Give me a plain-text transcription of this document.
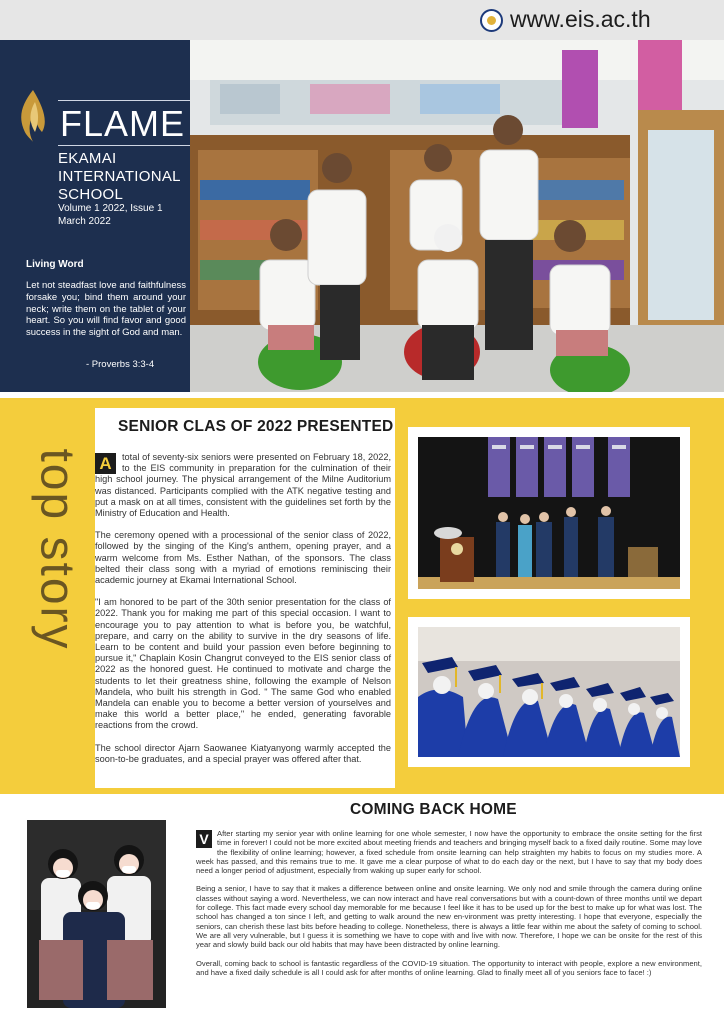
www.eis.ac.th
FLAME
EKAMAI
INTERNATIONAL
SCHOOL
Volume 1 2022, Issue 1
March 2022
Living Word
Let not steadfast love and faithfulness forsake you; bind them around your neck; write them on the tablet of your heart. So you will find favor and good success in the sight of God and man.
- Proverbs 3:3-4
top story
SENIOR CLAS OF 2022 PRESENTED

A	total of seventy-six seniors were presented on February 18, 2022, to the EIS community in preparation for the culmination of their high school journey. The physical arrangement of the Milne Auditorium was distanced. Participants complied with the ATK negative testing and put a mask on at all times, consistent with the guidelines set forth by the Ministry of Education and Health.

The ceremony opened with a processional of the senior class of 2022, followed by the singing of the King's anthem, opening prayer, and a warm welcome from Ms. Esther Nathan, of the sponsors. The class belted their class song with a myriad of emotions reminiscing their academic journey at Ekamai International School.

"I am honored to be part of the 30th senior presentation for the class of 2022. Thank you for making me part of this special occasion. I want to encourage you to pay attention to what is before you, be watchful, prepare, and carry on the ability to survive in the dry seasons of life. Learn to be content and build your passion even before beginning to pursue it," Chaplain Kosin Changrut conveyed to the EIS senior class of 2022 as the honored guest. He continued to motivate and charge the students to let their greatness shine, following the example of Nelson Mandela, who built his strength in God. " The same God who enabled Mandela can enable you to become a better version of yourselves and make this world a better place," he ended, generating favorable reactions from the crowd.

The school director Ajarn Saowanee Kiatyanyong warmly accepted the soon-to-be graduates, and a special prayer was offered after that.

COMING BACK HOME

V	After starting my senior year with online learning for one whole semester, I now have the opportunity to embrace the onsite setting for the first time in forever! I could not be more excited about meeting friends and teachers and bringing myself back to a fixed daily routine. Some may love the flexibility of online learning; however, a fixed schedule from onsite learning can help straighten my habits to focus on my studies more. A week has passed, and this remains true to me. It gave me a clear purpose of what to do each day or the next, but I have to say that my body does need a longer period of adjustment, especially from waking up super early for school.

Being a senior, I have to say that it makes a difference between online and onsite learning. We only nod and smile through the camera during online classes without saying a word. Nevertheless, we can now interact and have real conversations but with a count-down of three months until we depart for college. This fact made every school day memorable for me because I feel like it has to be used up for the best to make up for what was lost. The school has changed a ton since I left, and getting to walk around the new en-vironment was pretty interesting. I hope that everyone, especially the seniors, can cherish these last bits before heading to college. Nonetheless, there is always a little fear within me about the safety of coming to school. We are all very vulnerable, but I guess it is something we have to cope with and live with now. Therefore, I hope we can be onsite for the rest of this year and slowly build back our old habits that may have been distracted by online learning.

Overall, coming back to school is fantastic regardless of the COVID-19 situation. The opportunity to interact with people, explore a new environment, and have a fixed daily schedule is all I could ask for after months of online learning. Glad to finally meet all of you seniors face to face! :)
